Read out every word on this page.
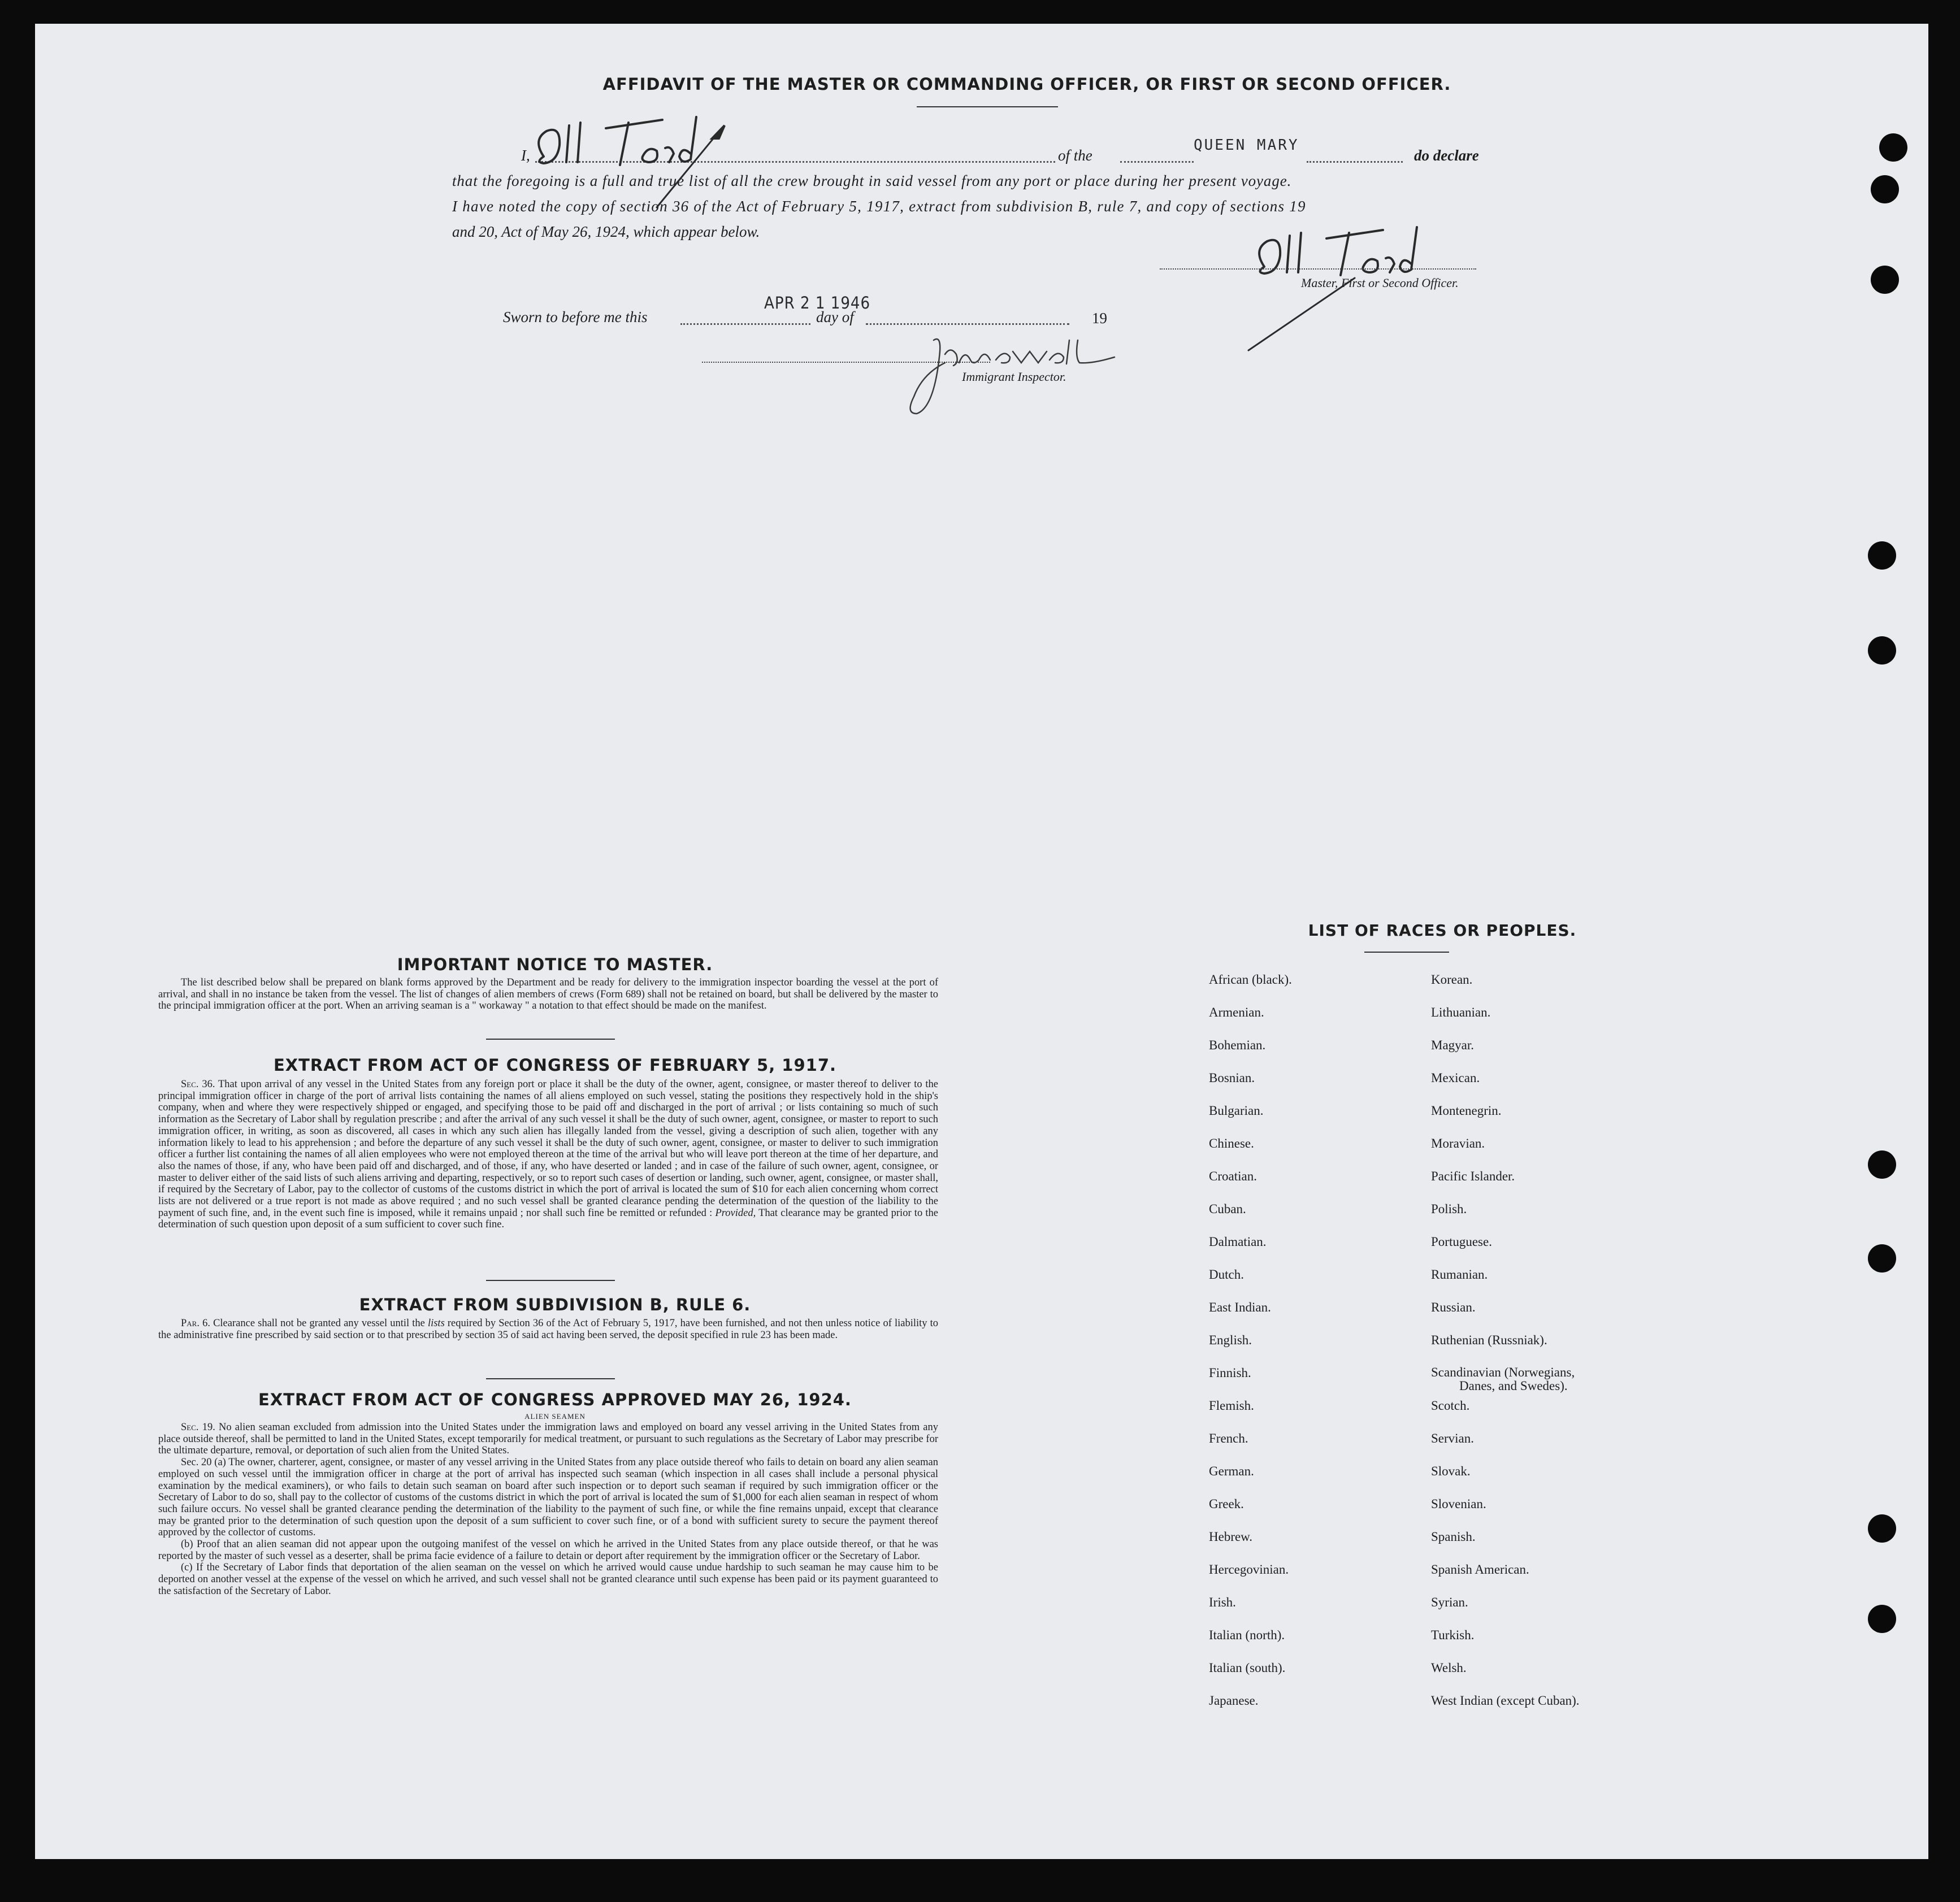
AFFIDAVIT OF THE MASTER OR COMMANDING OFFICER, OR FIRST OR SECOND OFFICER.
I,	of the
QUEEN MARY
do declare
that the foregoing is a full and true list of all the crew brought in said vessel from any port or place during her present voyage.
I have noted the copy of section 36 of the Act of February 5, 1917, extract from subdivision B, rule 7, and copy of sections 19
and 20, Act of May 26, 1924, which appear below.
Master, First or Second Officer.
Sworn to before me this
APR 2 1 1946
day of	19
Immigrant Inspector.
IMPORTANT NOTICE TO MASTER.

The list described below shall be prepared on blank forms approved by the Department and be ready for delivery to the immigration inspector boarding the vessel at the port of arrival, and shall in no instance be taken from the vessel. The list of changes of alien members of crews (Form 689) shall not be retained on board, but shall be delivered by the master to the principal immigration officer at the port. When an arriving seaman is a " workaway " a notation to that effect should be made on the manifest.

EXTRACT FROM ACT OF CONGRESS OF FEBRUARY 5, 1917.

Sec. 36. That upon arrival of any vessel in the United States from any foreign port or place it shall be the duty of the owner, agent, consignee, or master thereof to deliver to the principal immigration officer in charge of the port of arrival lists containing the names of all aliens employed on such vessel, stating the positions they respectively hold in the ship's company, when and where they were respectively shipped or engaged, and specifying those to be paid off and discharged in the port of arrival ; or lists containing so much of such information as the Secretary of Labor shall by regulation prescribe ; and after the arrival of any such vessel it shall be the duty of such owner, agent, consignee, or master to report to such immigration officer, in writing, as soon as discovered, all cases in which any such alien has illegally landed from the vessel, giving a description of such alien, together with any information likely to lead to his apprehension ; and before the departure of any such vessel it shall be the duty of such owner, agent, consignee, or master to deliver to such immigration officer a further list containing the names of all alien employees who were not employed thereon at the time of the arrival but who will leave port thereon at the time of her departure, and also the names of those, if any, who have been paid off and discharged, and of those, if any, who have deserted or landed ; and in case of the failure of such owner, agent, consignee, or master to deliver either of the said lists of such aliens arriving and departing, respectively, or so to report such cases of desertion or landing, such owner, agent, consignee, or master shall, if required by the Secretary of Labor, pay to the collector of customs of the customs district in which the port of arrival is located the sum of $10 for each alien concerning whom correct lists are not delivered or a true report is not made as above required ; and no such vessel shall be granted clearance pending the determination of the question of the liability to the payment of such fine, and, in the event such fine is imposed, while it remains unpaid ; nor shall such fine be remitted or refunded : Provided, That clearance may be granted prior to the determination of such question upon deposit of a sum sufficient to cover such fine.

EXTRACT FROM SUBDIVISION B, RULE 6.

Par. 6. Clearance shall not be granted any vessel until the lists required by Section 36 of the Act of February 5, 1917, have been furnished, and not then unless notice of liability to the administrative fine prescribed by said section or to that prescribed by section 35 of said act having been served, the deposit specified in rule 23 has been made.

EXTRACT FROM ACT OF CONGRESS APPROVED MAY 26, 1924.
ALIEN SEAMEN

Sec. 19. No alien seaman excluded from admission into the United States under the immigration laws and employed on board any vessel arriving in the United States from any place outside thereof, shall be permitted to land in the United States, except temporarily for medical treatment, or pursuant to such regulations as the Secretary of Labor may prescribe for the ultimate departure, removal, or deportation of such alien from the United States.

Sec. 20 (a) The owner, charterer, agent, consignee, or master of any vessel arriving in the United States from any place outside thereof who fails to detain on board any alien seaman employed on such vessel until the immigration officer in charge at the port of arrival has inspected such seaman (which inspection in all cases shall include a personal physical examination by the medical examiners), or who fails to detain such seaman on board after such inspection or to deport such seaman if required by such immigration officer or the Secretary of Labor to do so, shall pay to the collector of customs of the customs district in which the port of arrival is located the sum of $1,000 for each alien seaman in respect of whom such failure occurs. No vessel shall be granted clearance pending the determination of the liability to the payment of such fine, or while the fine remains unpaid, except that clearance may be granted prior to the determination of such question upon the deposit of a sum sufficient to cover such fine, or of a bond with sufficient surety to secure the payment thereof approved by the collector of customs.

(b) Proof that an alien seaman did not appear upon the outgoing manifest of the vessel on which he arrived in the United States from any place outside thereof, or that he was reported by the master of such vessel as a deserter, shall be prima facie evidence of a failure to detain or deport after requirement by the immigration officer or the Secretary of Labor.

(c) If the Secretary of Labor finds that deportation of the alien seaman on the vessel on which he arrived would cause undue hardship to such seaman he may cause him to be deported on another vessel at the expense of the vessel on which he arrived, and such vessel shall not be granted clearance until such expense has been paid or its payment guaranteed to the satisfaction of the Secretary of Labor.

LIST OF RACES OR PEOPLES.
African (black).
Armenian.
Bohemian.
Bosnian.
Bulgarian.
Chinese.
Croatian.
Cuban.
Dalmatian.
Dutch.
East Indian.
English.
Finnish.
Flemish.
French.
German.
Greek.
Hebrew.
Hercegovinian.
Irish.
Italian (north).
Italian (south).
Japanese.
Korean.
Lithuanian.
Magyar.
Mexican.
Montenegrin.
Moravian.
Pacific Islander.
Polish.
Portuguese.
Rumanian.
Russian.
Ruthenian (Russniak).
Scandinavian (Norwegians,
Danes, and Swedes).
Scotch.
Servian.
Slovak.
Slovenian.
Spanish.
Spanish American.
Syrian.
Turkish.
Welsh.
West Indian (except Cuban).
